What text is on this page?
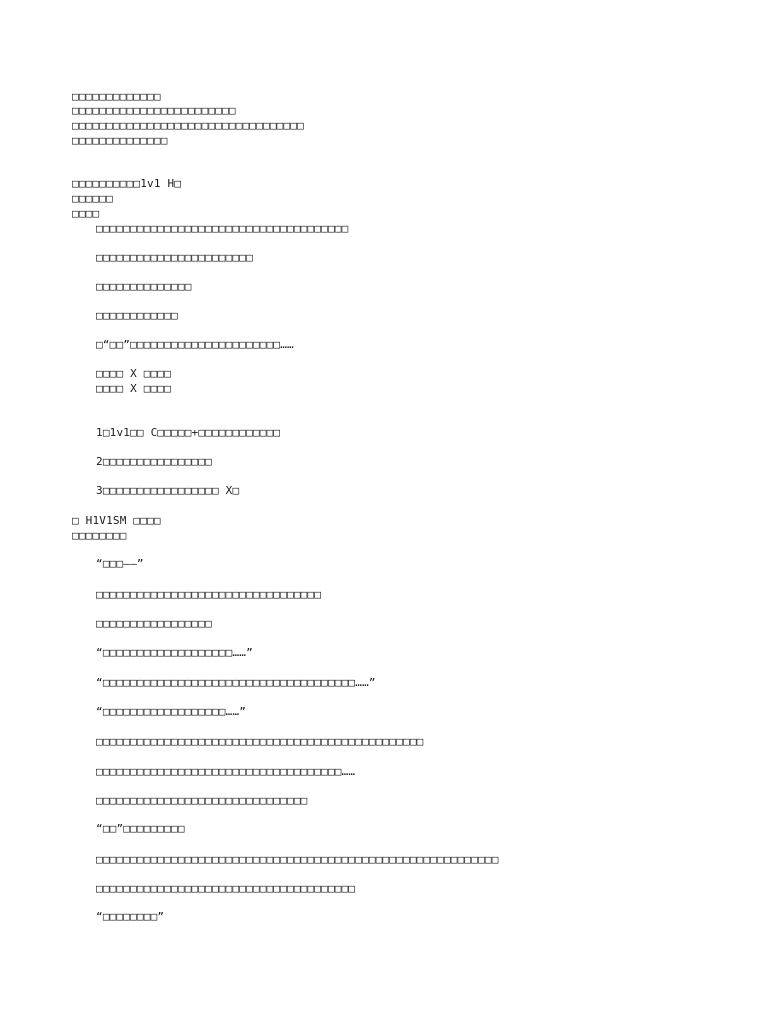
□□□□□□□□□□□□□
□□□□□□□□□□□□□□□□□□□□□□□□
□□□□□□□□□□□□□□□□□□□□□□□□□□□□□□□□□□
□□□□□□□□□□□□□□
□□□□□□□□□□1v1 H□
□□□□□□
□□□□
□□□□□□□□□□□□□□□□□□□□□□□□□□□□□□□□□□□□□
□□□□□□□□□□□□□□□□□□□□□□□
□□□□□□□□□□□□□□
□□□□□□□□□□□□
□“□□”□□□□□□□□□□□□□□□□□□□□□□……
□□□□ X □□□□
□□□□ X □□□□
1□1v1□□ C□□□□□+□□□□□□□□□□□□
2□□□□□□□□□□□□□□□□
3□□□□□□□□□□□□□□□□□ X□
□ H1V1SM □□□□
□□□□□□□□
“□□□——”
□□□□□□□□□□□□□□□□□□□□□□□□□□□□□□□□□
□□□□□□□□□□□□□□□□□
“□□□□□□□□□□□□□□□□□□□……”
“□□□□□□□□□□□□□□□□□□□□□□□□□□□□□□□□□□□□□……”
“□□□□□□□□□□□□□□□□□□……”
□□□□□□□□□□□□□□□□□□□□□□□□□□□□□□□□□□□□□□□□□□□□□□□□
□□□□□□□□□□□□□□□□□□□□□□□□□□□□□□□□□□□□……
□□□□□□□□□□□□□□□□□□□□□□□□□□□□□□□
“□□”□□□□□□□□□
□□□□□□□□□□□□□□□□□□□□□□□□□□□□□□□□□□□□□□□□□□□□□□□□□□□□□□□□□□□
□□□□□□□□□□□□□□□□□□□□□□□□□□□□□□□□□□□□□□
“□□□□□□□□”
